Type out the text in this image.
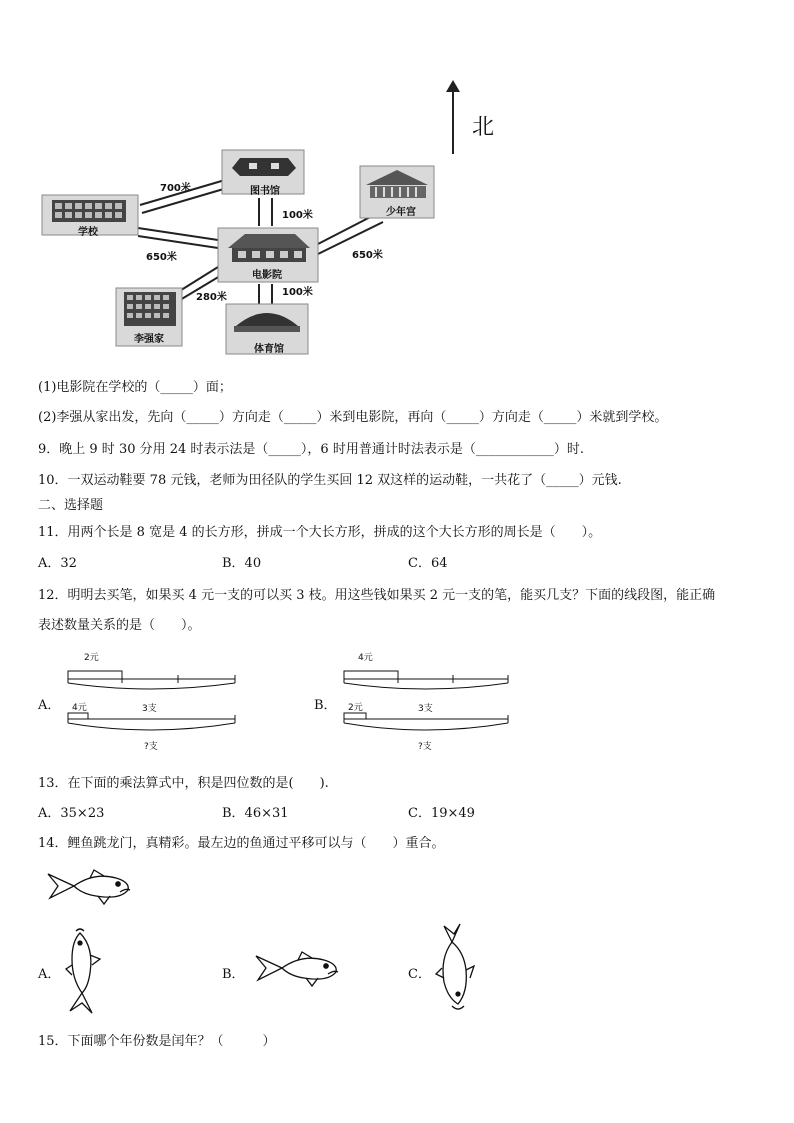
北
图书馆
学校
电影院
少年宫
李强家
体育馆
700米
100米
650米	650米
280米	100米
(1)电影院在学校的（_____）面；
(2)李强从家出发，先向（_____）方向走（_____）米到电影院，再向（_____）方向走（_____）米就到学校。
9．晚上 9 时 30 分用 24 时表示法是（_____），6 时用普通计时法表示是（____________）时.
10．一双运动鞋要 78 元钱，老师为田径队的学生买回 12 双这样的运动鞋，一共花了（_____）元钱.
二、选择题
11．用两个长是 8 宽是 4 的长方形，拼成一个大长方形，拼成的这个大长方形的周长是（　　）。
A．32	B．40	C．64
12．明明去买笔，如果买 4 元一支的可以买 3 枝。用这些钱如果买 2 元一支的笔，能买几支？下面的线段图，能正确
表述数量关系的是（　　）。
A．
2元
3支
4元
?支
B．
4元
3支
2元
?支
13．在下面的乘法算式中，积是四位数的是(　　).
A．35×23	B．46×31	C．19×49
14．鲤鱼跳龙门，真精彩。最左边的鱼通过平移可以与（　　）重合。
A．	B．	C．
15．下面哪个年份数是闰年？（　　　）
